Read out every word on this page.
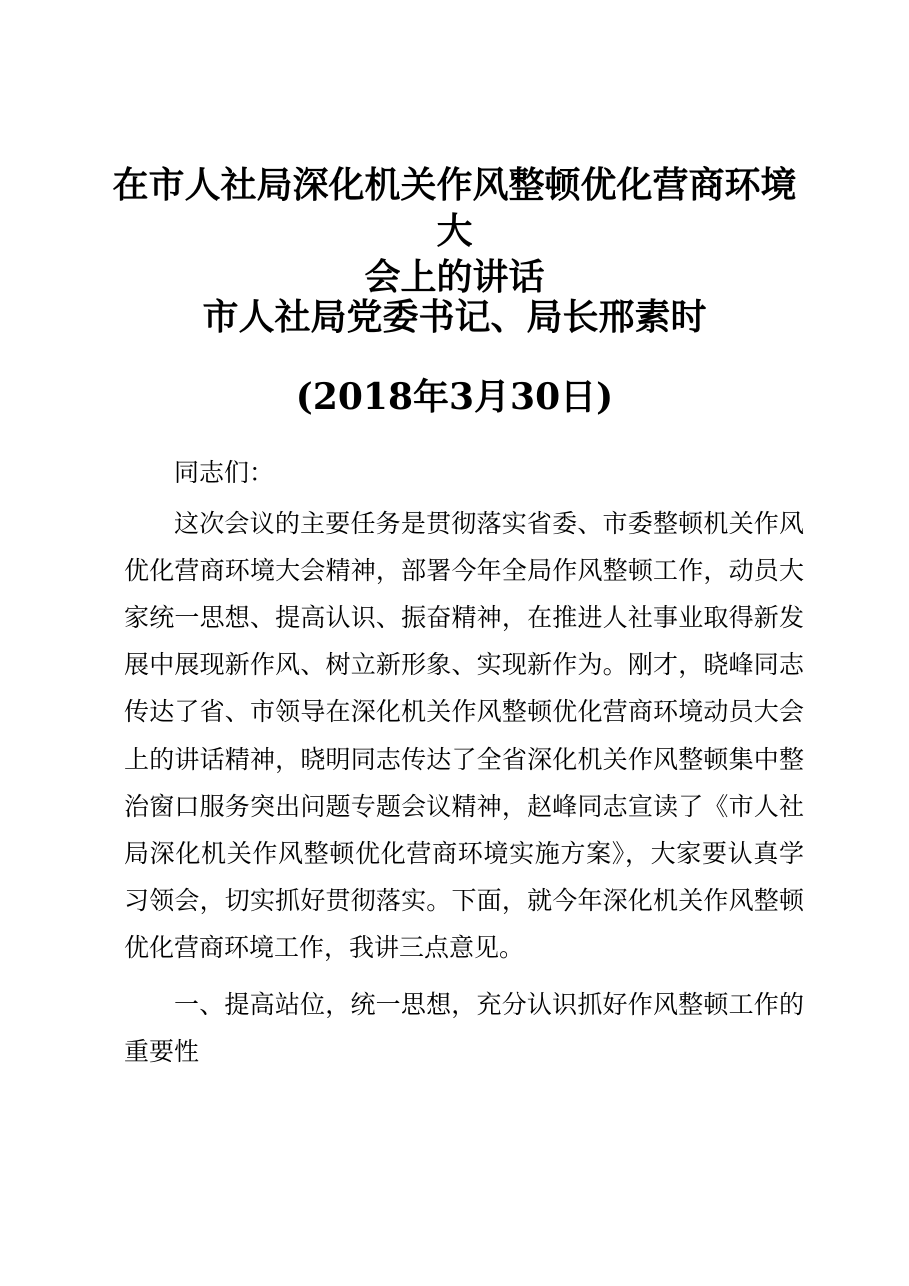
在市人社局深化机关作风整顿优化营商环境大
会上的讲话
市人社局党委书记、局长邢素时
(2018年3月30日)
同志们：
这次会议的主要任务是贯彻落实省委、市委整顿机关作风
优化营商环境大会精神，部署今年全局作风整顿工作，动员大
家统一思想、提高认识、振奋精神，在推进人社事业取得新发
展中展现新作风、树立新形象、实现新作为。刚才，晓峰同志
传达了省、市领导在深化机关作风整顿优化营商环境动员大会
上的讲话精神，晓明同志传达了全省深化机关作风整顿集中整
治窗口服务突出问题专题会议精神，赵峰同志宣读了《市人社
局深化机关作风整顿优化营商环境实施方案》，大家要认真学
习领会，切实抓好贯彻落实。下面，就今年深化机关作风整顿
优化营商环境工作，我讲三点意见。
一、提高站位，统一思想，充分认识抓好作风整顿工作的
重要性
